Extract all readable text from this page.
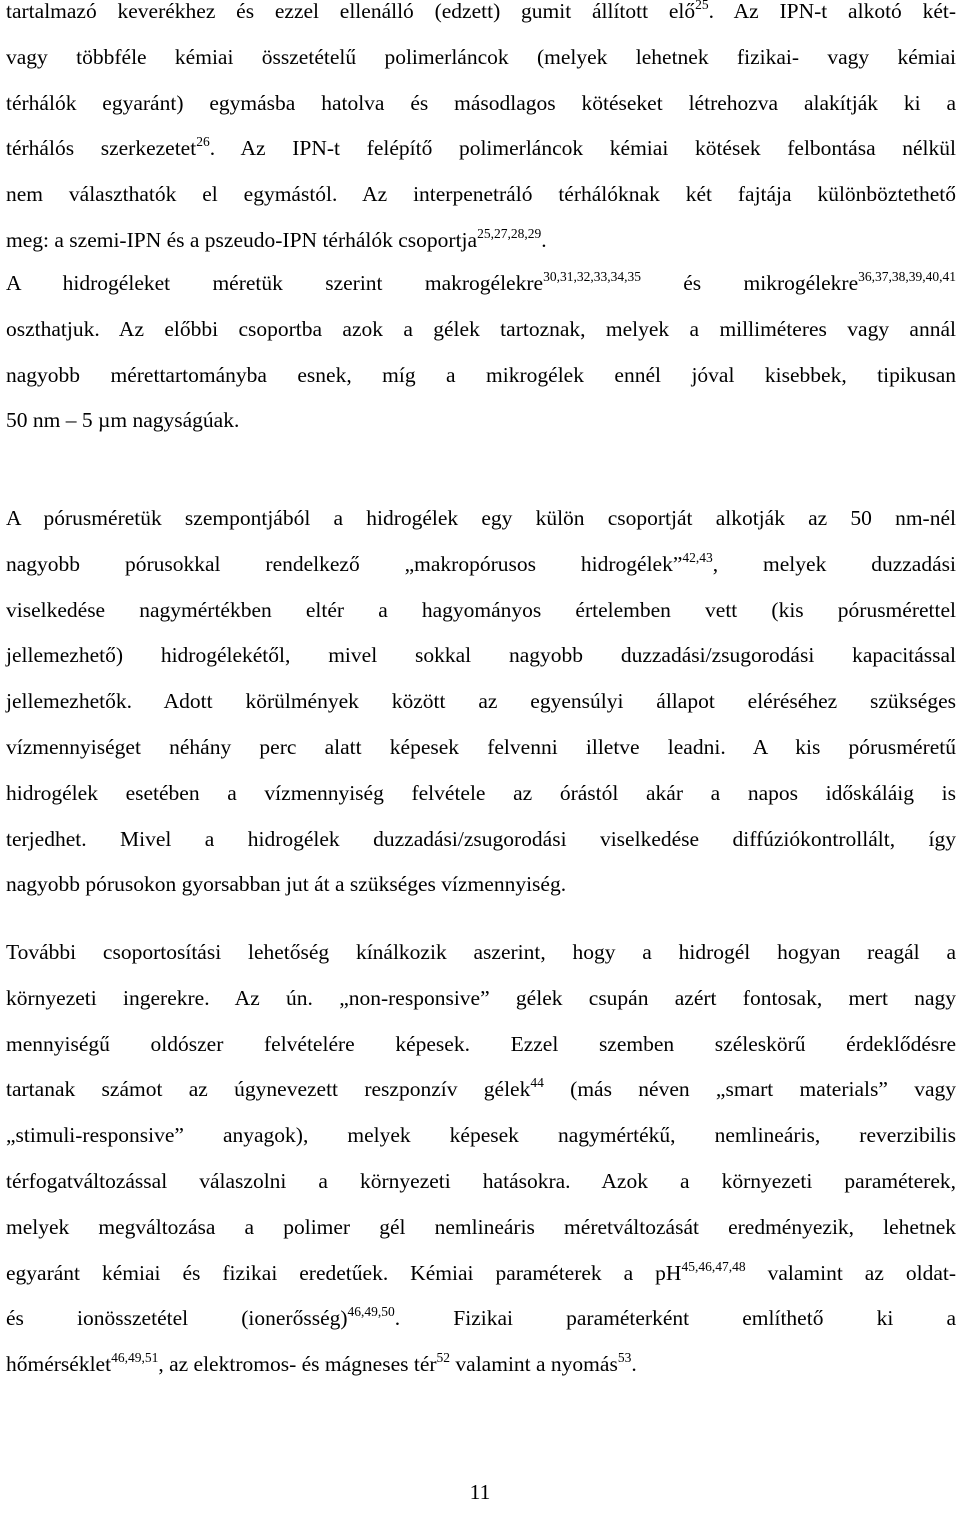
tartalmazó keverékhez és ezzel ellenálló (edzett) gumit állított elő$^{25}$. Az IPN-t alkotó két-
vagy többféle kémiai összetételű polimerláncok (melyek lehetnek fizikai- vagy kémiai
térhálók egyaránt) egymásba hatolva és másodlagos kötéseket létrehozva alakítják ki a
térhálós szerkezetet$^{26}$. Az IPN-t felépítő polimerláncok kémiai kötések felbontása nélkül
nem választhatók el egymástól. Az interpenetráló térhálóknak két fajtája különböztethető
meg: a szemi-IPN és a pszeudo-IPN térhálók csoportja$^{25,27,28,29}$.

A hidrogéleket méretük szerint makrogélekre$^{30,31,32,33,34,35}$ és mikrogélekre$^{36,37,38,39,40,41}$
oszthatjuk. Az előbbi csoportba azok a gélek tartoznak, melyek a milliméteres vagy annál
nagyobb mérettartományba esnek, míg a mikrogélek ennél jóval kisebbek, tipikusan
50 nm – 5 µm nagyságúak.

A pórusméretük szempontjából a hidrogélek egy külön csoportját alkotják az 50 nm-nél
nagyobb pórusokkal rendelkező „makropórusos hidrogélek”$^{42,43}$, melyek duzzadási
viselkedése nagymértékben eltér a hagyományos értelemben vett (kis pórusmérettel
jellemezhető) hidrogélekétől, mivel sokkal nagyobb duzzadási/zsugorodási kapacitással
jellemezhetők. Adott körülmények között az egyensúlyi állapot eléréséhez szükséges
vízmennyiséget néhány perc alatt képesek felvenni illetve leadni. A kis pórusméretű
hidrogélek esetében a vízmennyiség felvétele az órástól akár a napos időskáláig is
terjedhet. Mivel a hidrogélek duzzadási/zsugorodási viselkedése diffúziókontrollált, így
nagyobb pórusokon gyorsabban jut át a szükséges vízmennyiség.

További csoportosítási lehetőség kínálkozik aszerint, hogy a hidrogél hogyan reagál a
környezeti ingerekre. Az ún. „non-responsive” gélek csupán azért fontosak, mert nagy
mennyiségű oldószer felvételére képesek. Ezzel szemben széleskörű érdeklődésre
tartanak számot az úgynevezett reszponzív gélek$^{44}$ (más néven „smart materials” vagy
„stimuli-responsive” anyagok), melyek képesek nagymértékű, nemlineáris, reverzibilis
térfogatváltozással válaszolni a környezeti hatásokra. Azok a környezeti paraméterek,
melyek megváltozása a polimer gél nemlineáris méretváltozását eredményezik, lehetnek
egyaránt kémiai és fizikai eredetűek. Kémiai paraméterek a pH$^{45,46,47,48}$ valamint az oldat-
és ionösszetétel (ionerősség)$^{46,49,50}$. Fizikai paraméterként említhető ki a
hőmérséklet$^{46,49,51}$, az elektromos- és mágneses tér$^{52}$ valamint a nyomás$^{53}$.

11
